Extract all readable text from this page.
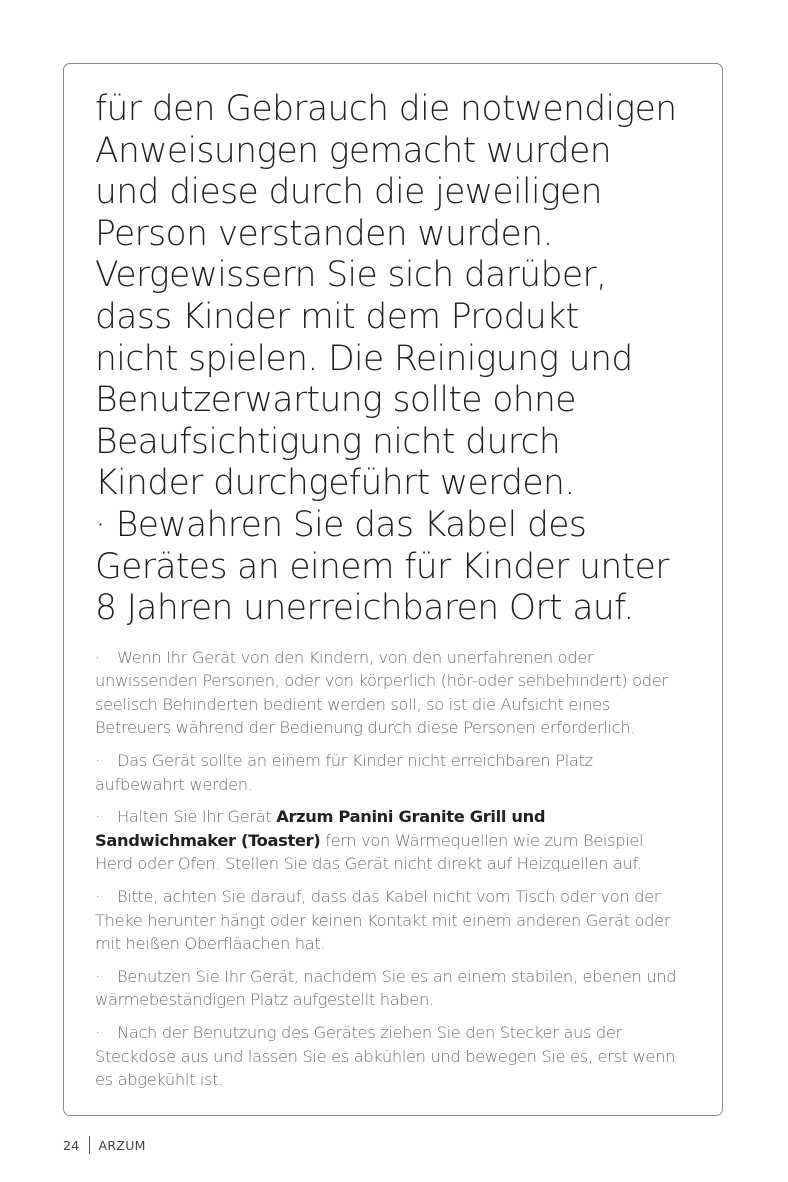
für den Gebrauch die notwendigen
Anweisungen gemacht wurden
und diese durch die jeweiligen
Person verstanden wurden.
Vergewissern Sie sich darüber,
dass Kinder mit dem Produkt
nicht spielen. Die Reinigung und
Benutzerwartung sollte ohne
Beaufsichtigung nicht durch
Kinder durchgeführt werden.

· Bewahren Sie das Kabel des
Gerätes an einem für Kinder unter
8 Jahren unerreichbaren Ort auf.

· Wenn Ihr Gerät von den Kindern, von den unerfahrenen oder unwissenden Personen, oder von körperlich (hör-oder sehbehindert) oder seelisch Behinderten bedient werden soll, so ist die Aufsicht eines Betreuers während der Bedienung durch diese Personen erforderlich.

· Das Gerät sollte an einem für Kinder nicht erreichbaren Platz aufbewahrt werden.

· Halten Sie Ihr Gerät Arzum Panini Granite Grill und Sandwichmaker (Toaster) fern von Wärmequellen wie zum Beispiel Herd oder Ofen. Stellen Sie das Gerät nicht direkt auf Heizquellen auf.

· Bitte, achten Sie darauf, dass das Kabel nicht vom Tisch oder von der Theke herunter hängt oder keinen Kontakt mit einem anderen Gerät oder mit heißen Oberfläachen hat.

· Benutzen Sie Ihr Gerät, nachdem Sie es an einem stabilen, ebenen und wärmebeständigen Platz aufgestellt haben.

· Nach der Benutzung des Gerätes ziehen Sie den Stecker aus der Steckdose aus und lassen Sie es abkühlen und bewegen Sie es, erst wenn es abgekühlt ist.

24 ARZUM
